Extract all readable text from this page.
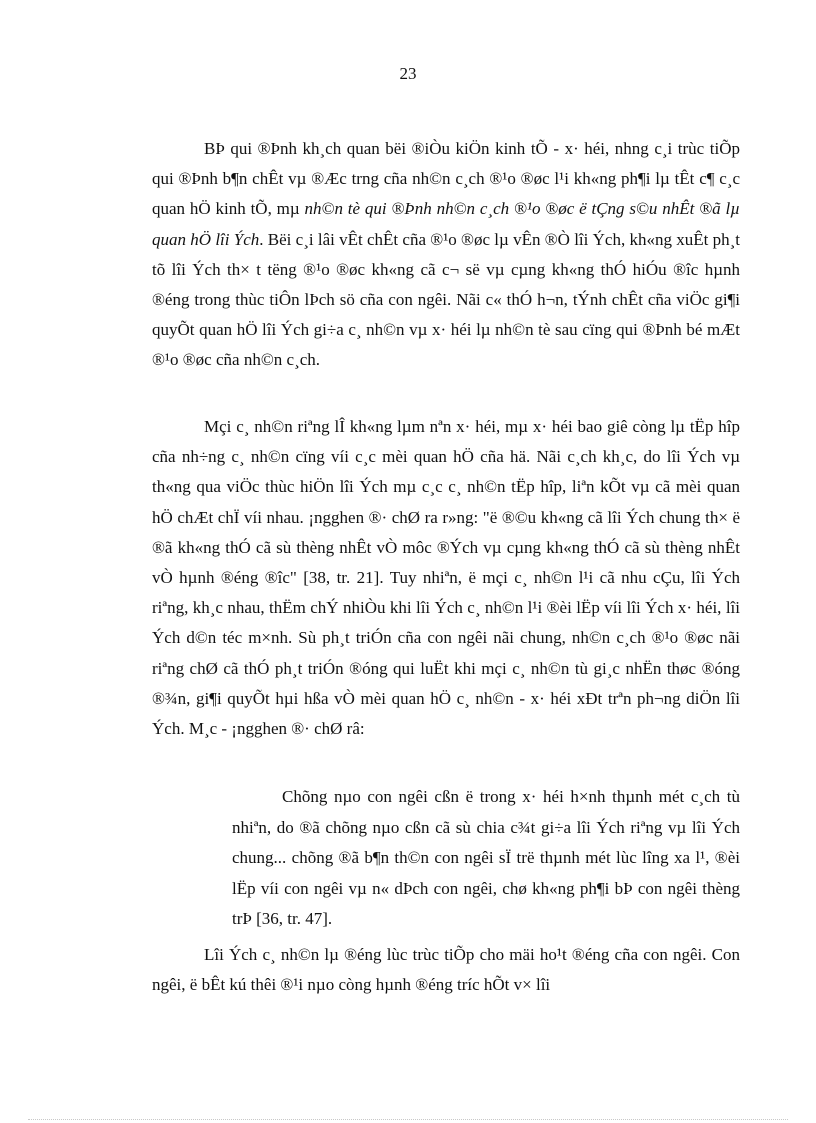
23

BÞ qui ®Þnh kh¸ch quan bëi ®iÒu kiÖn kinh tÕ - x· héi, nhng c¸i trùc tiÕp qui ®Þnh b¶n chÊt vµ ®Æc trng cña nh©n c¸ch ®¹o ®øc l¹i kh«ng ph¶i lµ tÊt c¶ c¸c quan hÖ kinh tÕ, mµ nh©n tè qui ®Þnh nh©n c¸ch ®¹o ®øc ë tÇng s©u nhÊt ®ã lµ quan hÖ lîi Ých. Bëi c¸i lâi vÊt chÊt cña ®¹o ®øc lµ vÊn ®Ò lîi Ých, kh«ng xuÊt ph¸t tõ lîi Ých th× t tëng ®¹o ®øc kh«ng cã c¬ së vµ cµng kh«ng thÓ hiÓu ®îc hµnh ®éng trong thùc tiÔn lÞch sö cña con ngêi. Nãi c« thÓ h¬n, tÝnh chÊt cña viÖc gi¶i quyÕt quan hÖ lîi Ých gi÷a c¸ nh©n vµ x· héi lµ nh©n tè sau cïng qui ®Þnh bé mÆt ®¹o ®øc cña nh©n c¸ch.

Mçi c¸ nh©n riªng lÎ kh«ng lµm nªn x· héi, mµ x· héi bao giê còng lµ tËp hîp cña nh÷ng c¸ nh©n cïng víi c¸c mèi quan hÖ cña hä. Nãi c¸ch kh¸c, do lîi Ých vµ th«ng qua viÖc thùc hiÖn lîi Ých mµ c¸c c¸ nh©n tËp hîp, liªn kÕt vµ cã mèi quan hÖ chÆt chÏ víi nhau. ¡ngghen ®· chØ ra r»ng: "ë ®©u kh«ng cã lîi Ých chung th× ë ®ã kh«ng thÓ cã sù thèng nhÊt vÒ môc ®Ých vµ cµng kh«ng thÓ cã sù thèng nhÊt vÒ hµnh ®éng ®îc" [38, tr. 21]. Tuy nhiªn, ë mçi c¸ nh©n l¹i cã nhu cÇu, lîi Ých riªng, kh¸c nhau, thËm chÝ nhiÒu khi lîi Ých c¸ nh©n l¹i ®èi lËp víi lîi Ých x· héi, lîi Ých d©n téc m×nh. Sù ph¸t triÓn cña con ngêi nãi chung, nh©n c¸ch ®¹o ®øc nãi riªng chØ cã thÓ ph¸t triÓn ®óng qui luËt khi mçi c¸ nh©n tù gi¸c nhËn thøc ®óng ®¾n, gi¶i quyÕt hµi hßa vÒ mèi quan hÖ c¸ nh©n - x· héi xÐt trªn ph¬ng diÖn lîi Ých. M¸c - ¡ngghen ®· chØ râ:

Chõng nµo con ngêi cßn ë trong x· héi h×nh thµnh mét c¸ch tù nhiªn, do ®ã chõng nµo cßn cã sù chia c¾t gi÷a lîi Ých riªng vµ lîi Ých chung... chõng ®ã b¶n th©n con ngêi sÏ trë thµnh mét lùc lîng xa l¹, ®èi lËp víi con ngêi vµ n« dÞch con ngêi, chø kh«ng ph¶i bÞ con ngêi thèng trÞ [36, tr. 47].

Lîi Ých c¸ nh©n lµ ®éng lùc trùc tiÕp cho mäi ho¹t ®éng cña con ngêi. Con ngêi, ë bÊt kú thêi ®¹i nµo còng hµnh ®éng tríc hÕt v× lîi
